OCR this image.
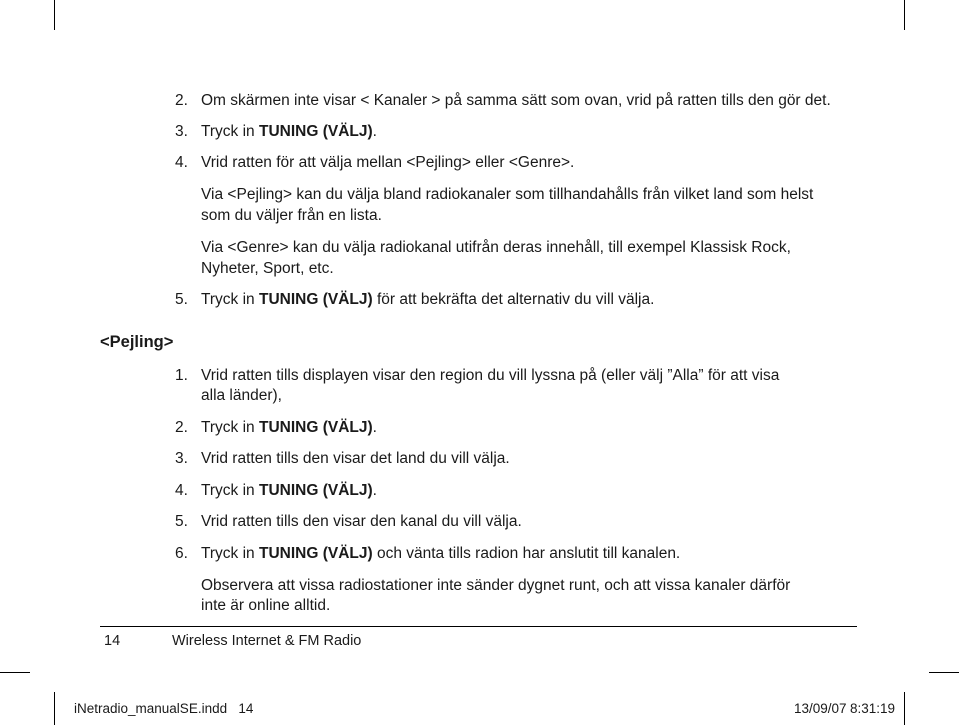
2. Om skärmen inte visar < Kanaler > på samma sätt som ovan, vrid på ratten tills den gör det.
3. Tryck in TUNING (VÄLJ).
4. Vrid ratten för att välja mellan <Pejling> eller <Genre>.
Via <Pejling> kan du välja bland radiokanaler som tillhandahålls från vilket land som helst
som du väljer från en lista.
Via <Genre> kan du välja radiokanal utifrån deras innehåll, till exempel Klassisk Rock,
Nyheter, Sport, etc.
5. Tryck in TUNING (VÄLJ) för att bekräfta det alternativ du vill välja.
<Pejling>
1. Vrid ratten tills displayen visar den region du vill lyssna på (eller välj ”Alla” för att visa
alla länder),
2. Tryck in TUNING (VÄLJ).
3. Vrid ratten tills den visar det land du vill välja.
4. Tryck in TUNING (VÄLJ).
5. Vrid ratten tills den visar den kanal du vill välja.
6. Tryck in TUNING (VÄLJ) och vänta tills radion har anslutit till kanalen.
Observera att vissa radiostationer inte sänder dygnet runt, och att vissa kanaler därför
inte är online alltid.
14	Wireless Internet & FM Radio
iNetradio_manualSE.indd   14	13/09/07 8:31:19
